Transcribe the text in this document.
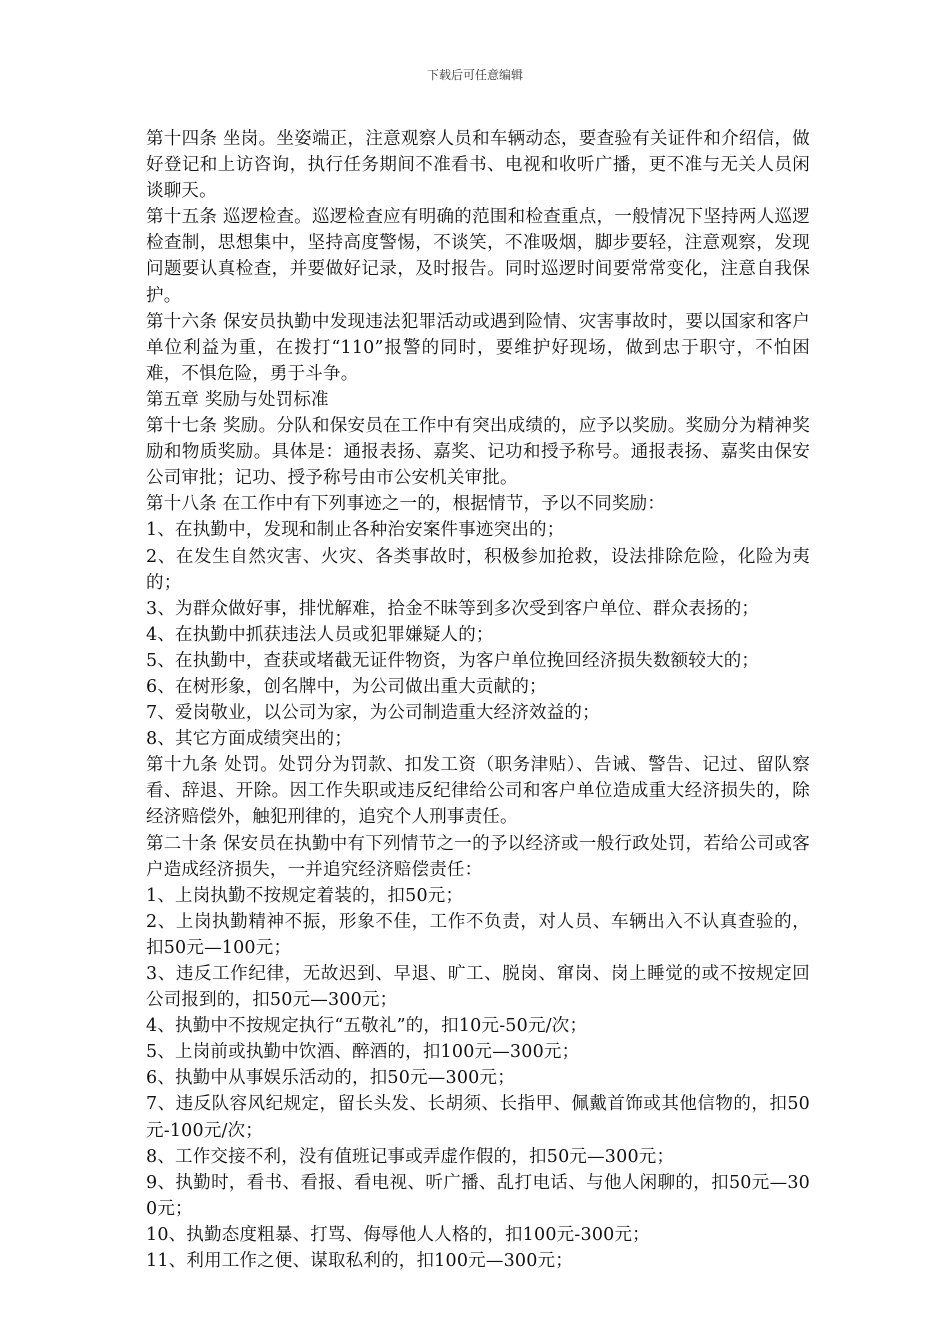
下载后可任意编辑

第十四条 坐岗。坐姿端正，注意观察人员和车辆动态，要查验有关证件和介绍信，做好登记和上访咨询，执行任务期间不准看书、电视和收听广播，更不准与无关人员闲谈聊天。

第十五条 巡逻检查。巡逻检查应有明确的范围和检查重点，一般情况下坚持两人巡逻检查制，思想集中，坚持高度警惕，不谈笑，不准吸烟，脚步要轻，注意观察，发现问题要认真检查，并要做好记录，及时报告。同时巡逻时间要常常变化，注意自我保护。

第十六条 保安员执勤中发现违法犯罪活动或遇到险情、灾害事故时，要以国家和客户单位利益为重，在拨打“110”报警的同时，要维护好现场，做到忠于职守，不怕困难，不惧危险，勇于斗争。

第五章 奖励与处罚标准

第十七条 奖励。分队和保安员在工作中有突出成绩的，应予以奖励。奖励分为精神奖励和物质奖励。具体是：通报表扬、嘉奖、记功和授予称号。通报表扬、嘉奖由保安公司审批；记功、授予称号由市公安机关审批。

第十八条 在工作中有下列事迹之一的，根据情节，予以不同奖励：

1、在执勤中，发现和制止各种治安案件事迹突出的；

2、在发生自然灾害、火灾、各类事故时，积极参加抢救，设法排除危险，化险为夷的；

3、为群众做好事，排忧解难，拾金不昧等到多次受到客户单位、群众表扬的；

4、在执勤中抓获违法人员或犯罪嫌疑人的；

5、在执勤中，查获或堵截无证件物资，为客户单位挽回经济损失数额较大的；

6、在树形象，创名牌中，为公司做出重大贡献的；

7、爱岗敬业，以公司为家，为公司制造重大经济效益的；

8、其它方面成绩突出的；

第十九条 处罚。处罚分为罚款、扣发工资（职务津贴）、告诫、警告、记过、留队察看、辞退、开除。因工作失职或违反纪律给公司和客户单位造成重大经济损失的，除经济赔偿外，触犯刑律的，追究个人刑事责任。

第二十条 保安员在执勤中有下列情节之一的予以经济或一般行政处罚，若给公司或客户造成经济损失，一并追究经济赔偿责任：

1、上岗执勤不按规定着装的，扣50元；

2、上岗执勤精神不振，形象不佳，工作不负责，对人员、车辆出入不认真查验的，扣50元—100元；

3、违反工作纪律，无故迟到、早退、旷工、脱岗、窜岗、岗上睡觉的或不按规定回公司报到的，扣50元—300元；

4、执勤中不按规定执行“五敬礼”的，扣10元-50元/次；

5、上岗前或执勤中饮酒、醉酒的，扣100元—300元；

6、执勤中从事娱乐活动的，扣50元—300元；

7、违反队容风纪规定，留长头发、长胡须、长指甲、佩戴首饰或其他信物的，扣50元-100元/次；

8、工作交接不利，没有值班记事或弄虚作假的，扣50元—300元；

9、执勤时，看书、看报、看电视、听广播、乱打电话、与他人闲聊的，扣50元—300元；

10、执勤态度粗暴、打骂、侮辱他人人格的，扣100元-300元；

11、利用工作之便、谋取私利的，扣100元—300元；
